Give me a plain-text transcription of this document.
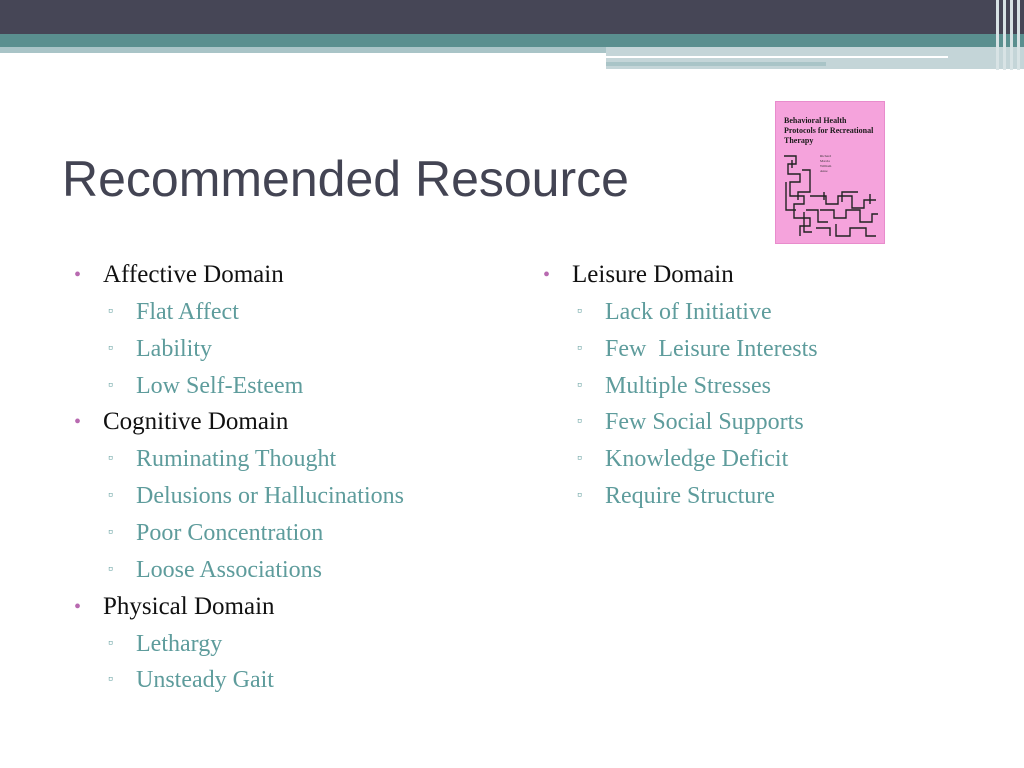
Recommended Resource
Behavioral Health Protocols for Recreational Therapy
Richard
Marcia
William
Anne
• Affective Domain
▫ Flat Affect
▫ Lability
▫ Low Self-Esteem
• Cognitive Domain
▫ Ruminating Thought
▫ Delusions or Hallucinations
▫ Poor Concentration
▫ Loose Associations
• Physical Domain
▫ Lethargy
▫ Unsteady Gait
• Leisure Domain
▫ Lack of Initiative
▫ Few  Leisure Interests
▫ Multiple Stresses
▫ Few Social Supports
▫ Knowledge Deficit
▫ Require Structure
